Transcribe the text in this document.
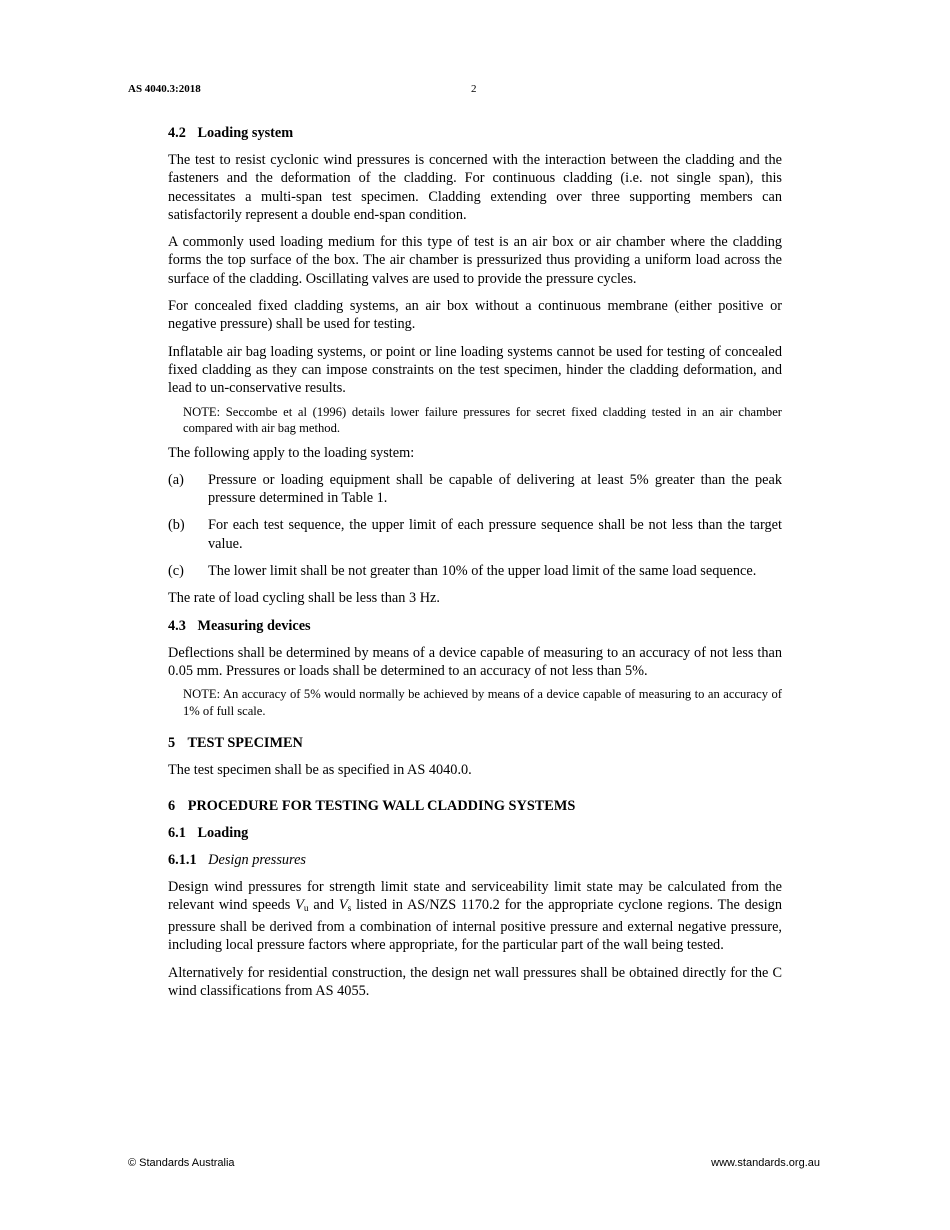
AS 4040.3:2018	2
4.2 Loading system

The test to resist cyclonic wind pressures is concerned with the interaction between the cladding and the fasteners and the deformation of the cladding. For continuous cladding (i.e. not single span), this necessitates a multi-span test specimen. Cladding extending over three supporting members can satisfactorily represent a double end-span condition.

A commonly used loading medium for this type of test is an air box or air chamber where the cladding forms the top surface of the box. The air chamber is pressurized thus providing a uniform load across the surface of the cladding. Oscillating valves are used to provide the pressure cycles.

For concealed fixed cladding systems, an air box without a continuous membrane (either positive or negative pressure) shall be used for testing.

Inflatable air bag loading systems, or point or line loading systems cannot be used for testing of concealed fixed cladding as they can impose constraints on the test specimen, hinder the cladding deformation, and lead to un-conservative results.

NOTE: Seccombe et al (1996) details lower failure pressures for secret fixed cladding tested in an air chamber compared with air bag method.

The following apply to the loading system:

(a)	Pressure or loading equipment shall be capable of delivering at least 5% greater than the peak pressure determined in Table 1.
(b)	For each test sequence, the upper limit of each pressure sequence shall be not less than the target value.
(c)	The lower limit shall be not greater than 10% of the upper load limit of the same load sequence.

The rate of load cycling shall be less than 3 Hz.

4.3 Measuring devices

Deflections shall be determined by means of a device capable of measuring to an accuracy of not less than 0.05 mm. Pressures or loads shall be determined to an accuracy of not less than 5%.

NOTE: An accuracy of 5% would normally be achieved by means of a device capable of measuring to an accuracy of 1% of full scale.
5 TEST SPECIMEN

The test specimen shall be as specified in AS 4040.0.

6 PROCEDURE FOR TESTING WALL CLADDING SYSTEMS
6.1 Loading
6.1.1 Design pressures

Design wind pressures for strength limit state and serviceability limit state may be calculated from the relevant wind speeds $V_u$ and $V_s$ listed in AS/NZS 1170.2 for the appropriate cyclone regions. The design pressure shall be derived from a combination of internal positive pressure and external negative pressure, including local pressure factors where appropriate, for the particular part of the wall being tested.

Alternatively for residential construction, the design net wall pressures shall be obtained directly for the C wind classifications from AS 4055.

© Standards Australia	www.standards.org.au
